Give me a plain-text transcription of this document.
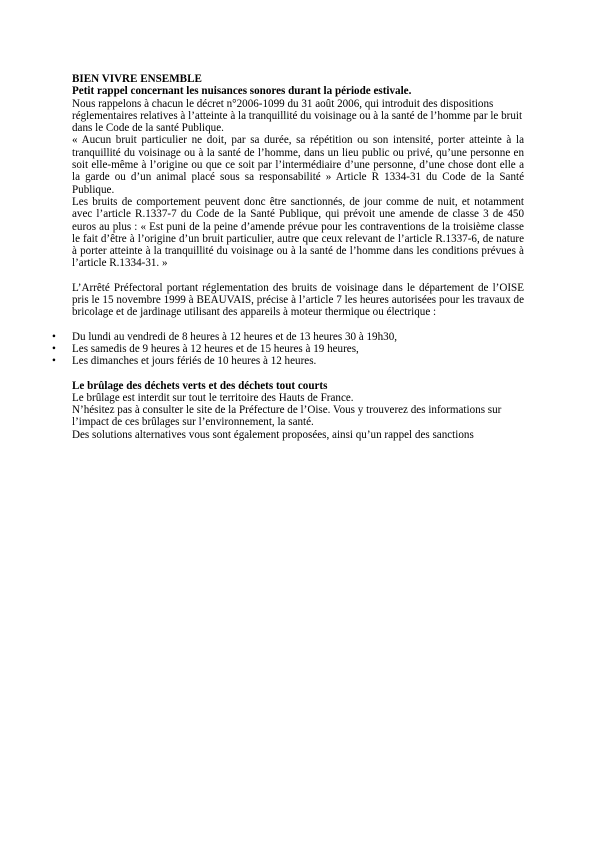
BIEN VIVRE ENSEMBLE

Petit rappel concernant les nuisances sonores durant la période estivale.

Nous rappelons à chacun le décret n°2006-1099 du 31 août 2006, qui introduit des dispositions réglementaires relatives à l’atteinte à la tranquillité du voisinage ou à la santé de l’homme par le bruit dans le Code de la santé Publique.

« Aucun bruit particulier ne doit, par sa durée, sa répétition ou son intensité, porter atteinte à la tranquillité du voisinage ou à la santé de l’homme, dans un lieu public ou privé, qu’une personne en soit elle-même à l’origine ou que ce soit par l’intermédiaire d’une personne, d’une chose dont elle a la garde ou d’un animal placé sous sa responsabilité » Article R 1334-31 du Code de la Santé Publique.

Les bruits de comportement peuvent donc être sanctionnés, de jour comme de nuit, et notamment avec l’article R.1337-7 du Code de la Santé Publique, qui prévoit une amende de classe 3 de 450 euros au plus : « Est puni de la peine d’amende prévue pour les contraventions de la troisième classe le fait d’être à l’origine d’un bruit particulier, autre que ceux relevant de l’article R.1337-6, de nature à porter atteinte à la tranquillité du voisinage ou à la santé de l’homme dans les conditions prévues à l’article R.1334-31. »

L’Arrêté Préfectoral portant réglementation des bruits de voisinage dans le département de l’OISE pris le 15 novembre 1999 à BEAUVAIS, précise à l’article 7 les heures autorisées pour les travaux de bricolage et de jardinage utilisant des appareils à moteur thermique ou électrique :

• Du lundi au vendredi de 8 heures à 12 heures et de 13 heures 30 à 19h30,
• Les samedis de 9 heures à 12 heures et de 15 heures à 19 heures,
• Les dimanches et jours fériés de 10 heures à 12 heures.

Le brûlage des déchets verts et des déchets tout courts

Le brûlage est interdit sur tout le territoire des Hauts de France.

N’hésitez pas à consulter le site de la Préfecture de l’Oise. Vous y trouverez des informations sur l’impact de ces brûlages sur l’environnement, la santé.

Des solutions alternatives vous sont également proposées, ainsi qu’un rappel des sanctions
